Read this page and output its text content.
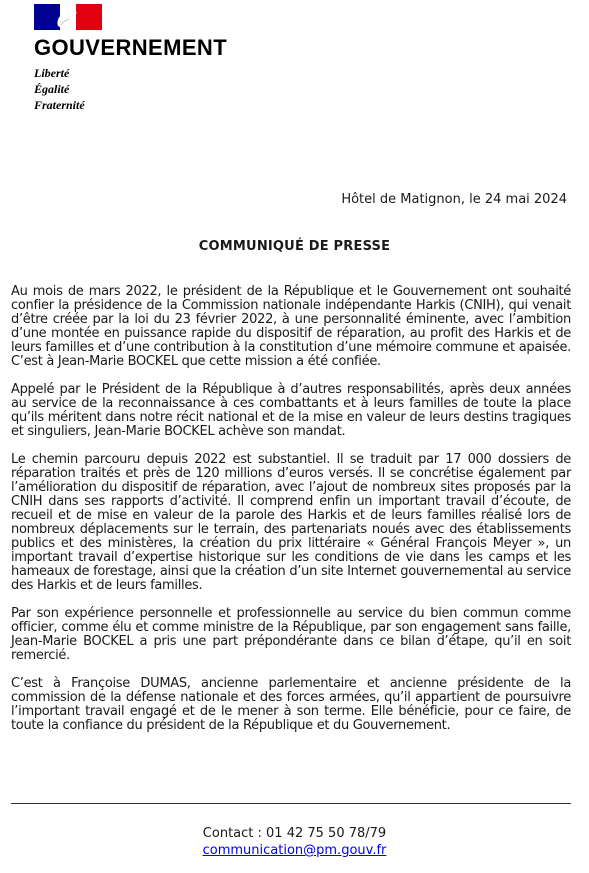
GOUVERNEMENT
Liberté
Égalité
Fraternité
Hôtel de Matignon, le 24 mai 2024
COMMUNIQUÉ DE PRESSE

Au mois de mars 2022, le président de la République et le Gouvernement ont souhaité confier la présidence de la Commission nationale indépendante Harkis (CNIH), qui venait d’être créée par la loi du 23 février 2022, à une personnalité éminente, avec l’ambition d’une montée en puissance rapide du dispositif de réparation, au profit des Harkis et de leurs familles et d’une contribution à la constitution d’une mémoire commune et apaisée. C’est à Jean-Marie BOCKEL que cette mission a été confiée.

Appelé par le Président de la République à d’autres responsabilités, après deux années au service de la reconnaissance à ces combattants et à leurs familles de toute la place qu’ils méritent dans notre récit national et de la mise en valeur de leurs destins tragiques et singuliers, Jean-Marie BOCKEL achève son mandat.

Le chemin parcouru depuis 2022 est substantiel. Il se traduit par 17 000 dossiers de réparation traités et près de 120 millions d’euros versés. Il se concrétise également par l’amélioration du dispositif de réparation, avec l’ajout de nombreux sites proposés par la CNIH dans ses rapports d’activité. Il comprend enfin un important travail d’écoute, de recueil et de mise en valeur de la parole des Harkis et de leurs familles réalisé lors de nombreux déplacements sur le terrain, des partenariats noués avec des établissements publics et des ministères, la création du prix littéraire « Général François Meyer », un important travail d’expertise historique sur les conditions de vie dans les camps et les hameaux de forestage, ainsi que la création d’un site Internet gouvernemental au service des Harkis et de leurs familles.

Par son expérience personnelle et professionnelle au service du bien commun comme officier, comme élu et comme ministre de la République, par son engagement sans faille, Jean-Marie BOCKEL a pris une part prépondérante dans ce bilan d’étape, qu’il en soit remercié.

C’est à Françoise DUMAS, ancienne parlementaire et ancienne présidente de la commission de la défense nationale et des forces armées, qu’il appartient de poursuivre l’important travail engagé et de le mener à son terme. Elle bénéficie, pour ce faire, de toute la confiance du président de la République et du Gouvernement.

Contact : 01 42 75 50 78/79
communication@pm.gouv.fr
